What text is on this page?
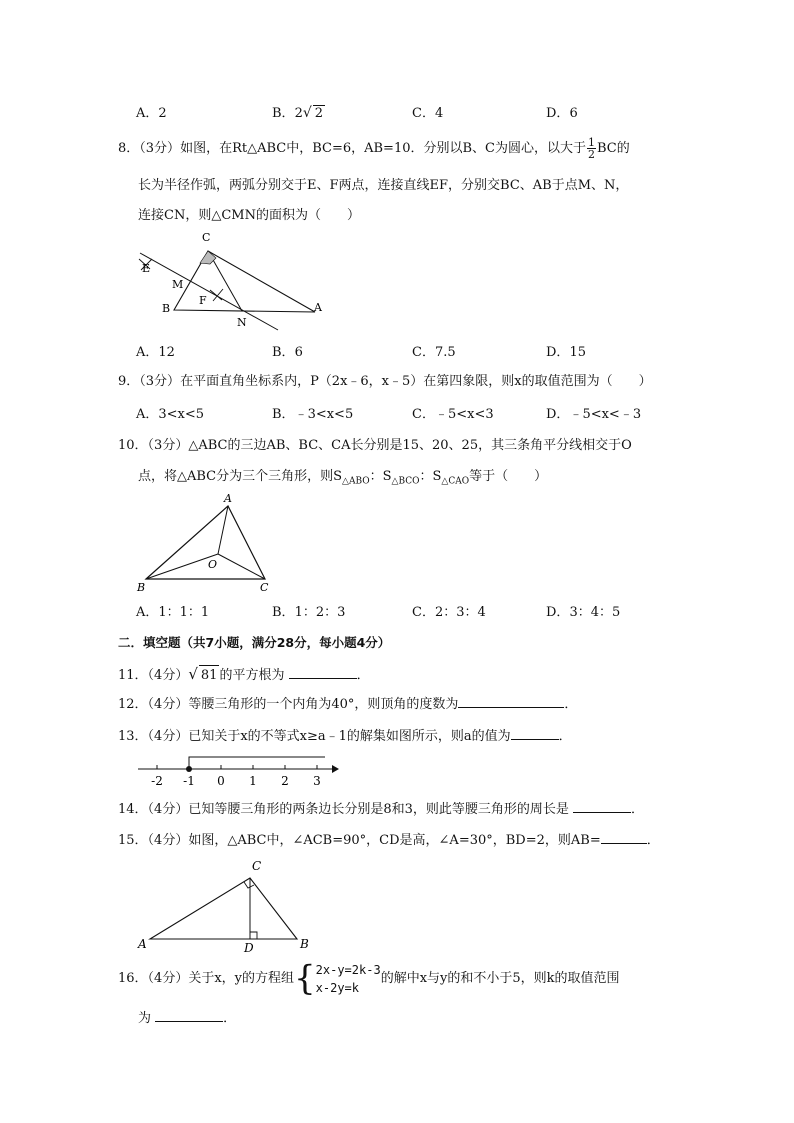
A．2	B．2√ 2	C．4	D．6
8．（3分）如图，在Rt△ABC中，BC=6，AB=10．分别以B、C为圆心，以大于 $\frac{1}{2}$ BC的
长为半径作弧，两弧分别交于E、F两点，连接直线EF，分别交BC、AB于点M、N，
连接CN，则△CMN的面积为（　　）
C
E
M
F
B
N
A
A．12	B．6	C．7.5	D．15
9．（3分）在平面直角坐标系内，P（2x﹣6，x﹣5）在第四象限，则x的取值范围为（　　）
A．3<x<5	B．﹣3<x<5	C．﹣5<x<3	D．﹣5<x<﹣3
10．（3分）△ABC的三边AB、BC、CA长分别是15、20、25，其三条角平分线相交于O
点，将△ABC分为三个三角形，则$S_{\triangle ABO}$：$S_{\triangle BCO}$：$S_{\triangle CAO}$等于（　　）
A
O
B	C
A．1：1：1	B．1：2：3	C．2：3：4	D．3：4：5
二．填空题（共7小题，满分28分，每小题4分）
11．（4分）√ 81 的平方根为	．
12．（4分）等腰三角形的一个内角为40°，则顶角的度数为	．
13．（4分）已知关于x的不等式x≥a﹣1的解集如图所示，则a的值为	．
-2 -1 0 1 2 3
14．（4分）已知等腰三角形的两条边长分别是8和3，则此等腰三角形的周长是	．
15．（4分）如图，△ABC中，∠ACB=90°，CD是高，∠A=30°，BD=2，则AB=	．
C
A	D	B
16．（4分）关于x，y的方程组{ 2x-y=2k-3
x-2y=k
的解中x与y的和不小于5，则k的取值范围
为	．
